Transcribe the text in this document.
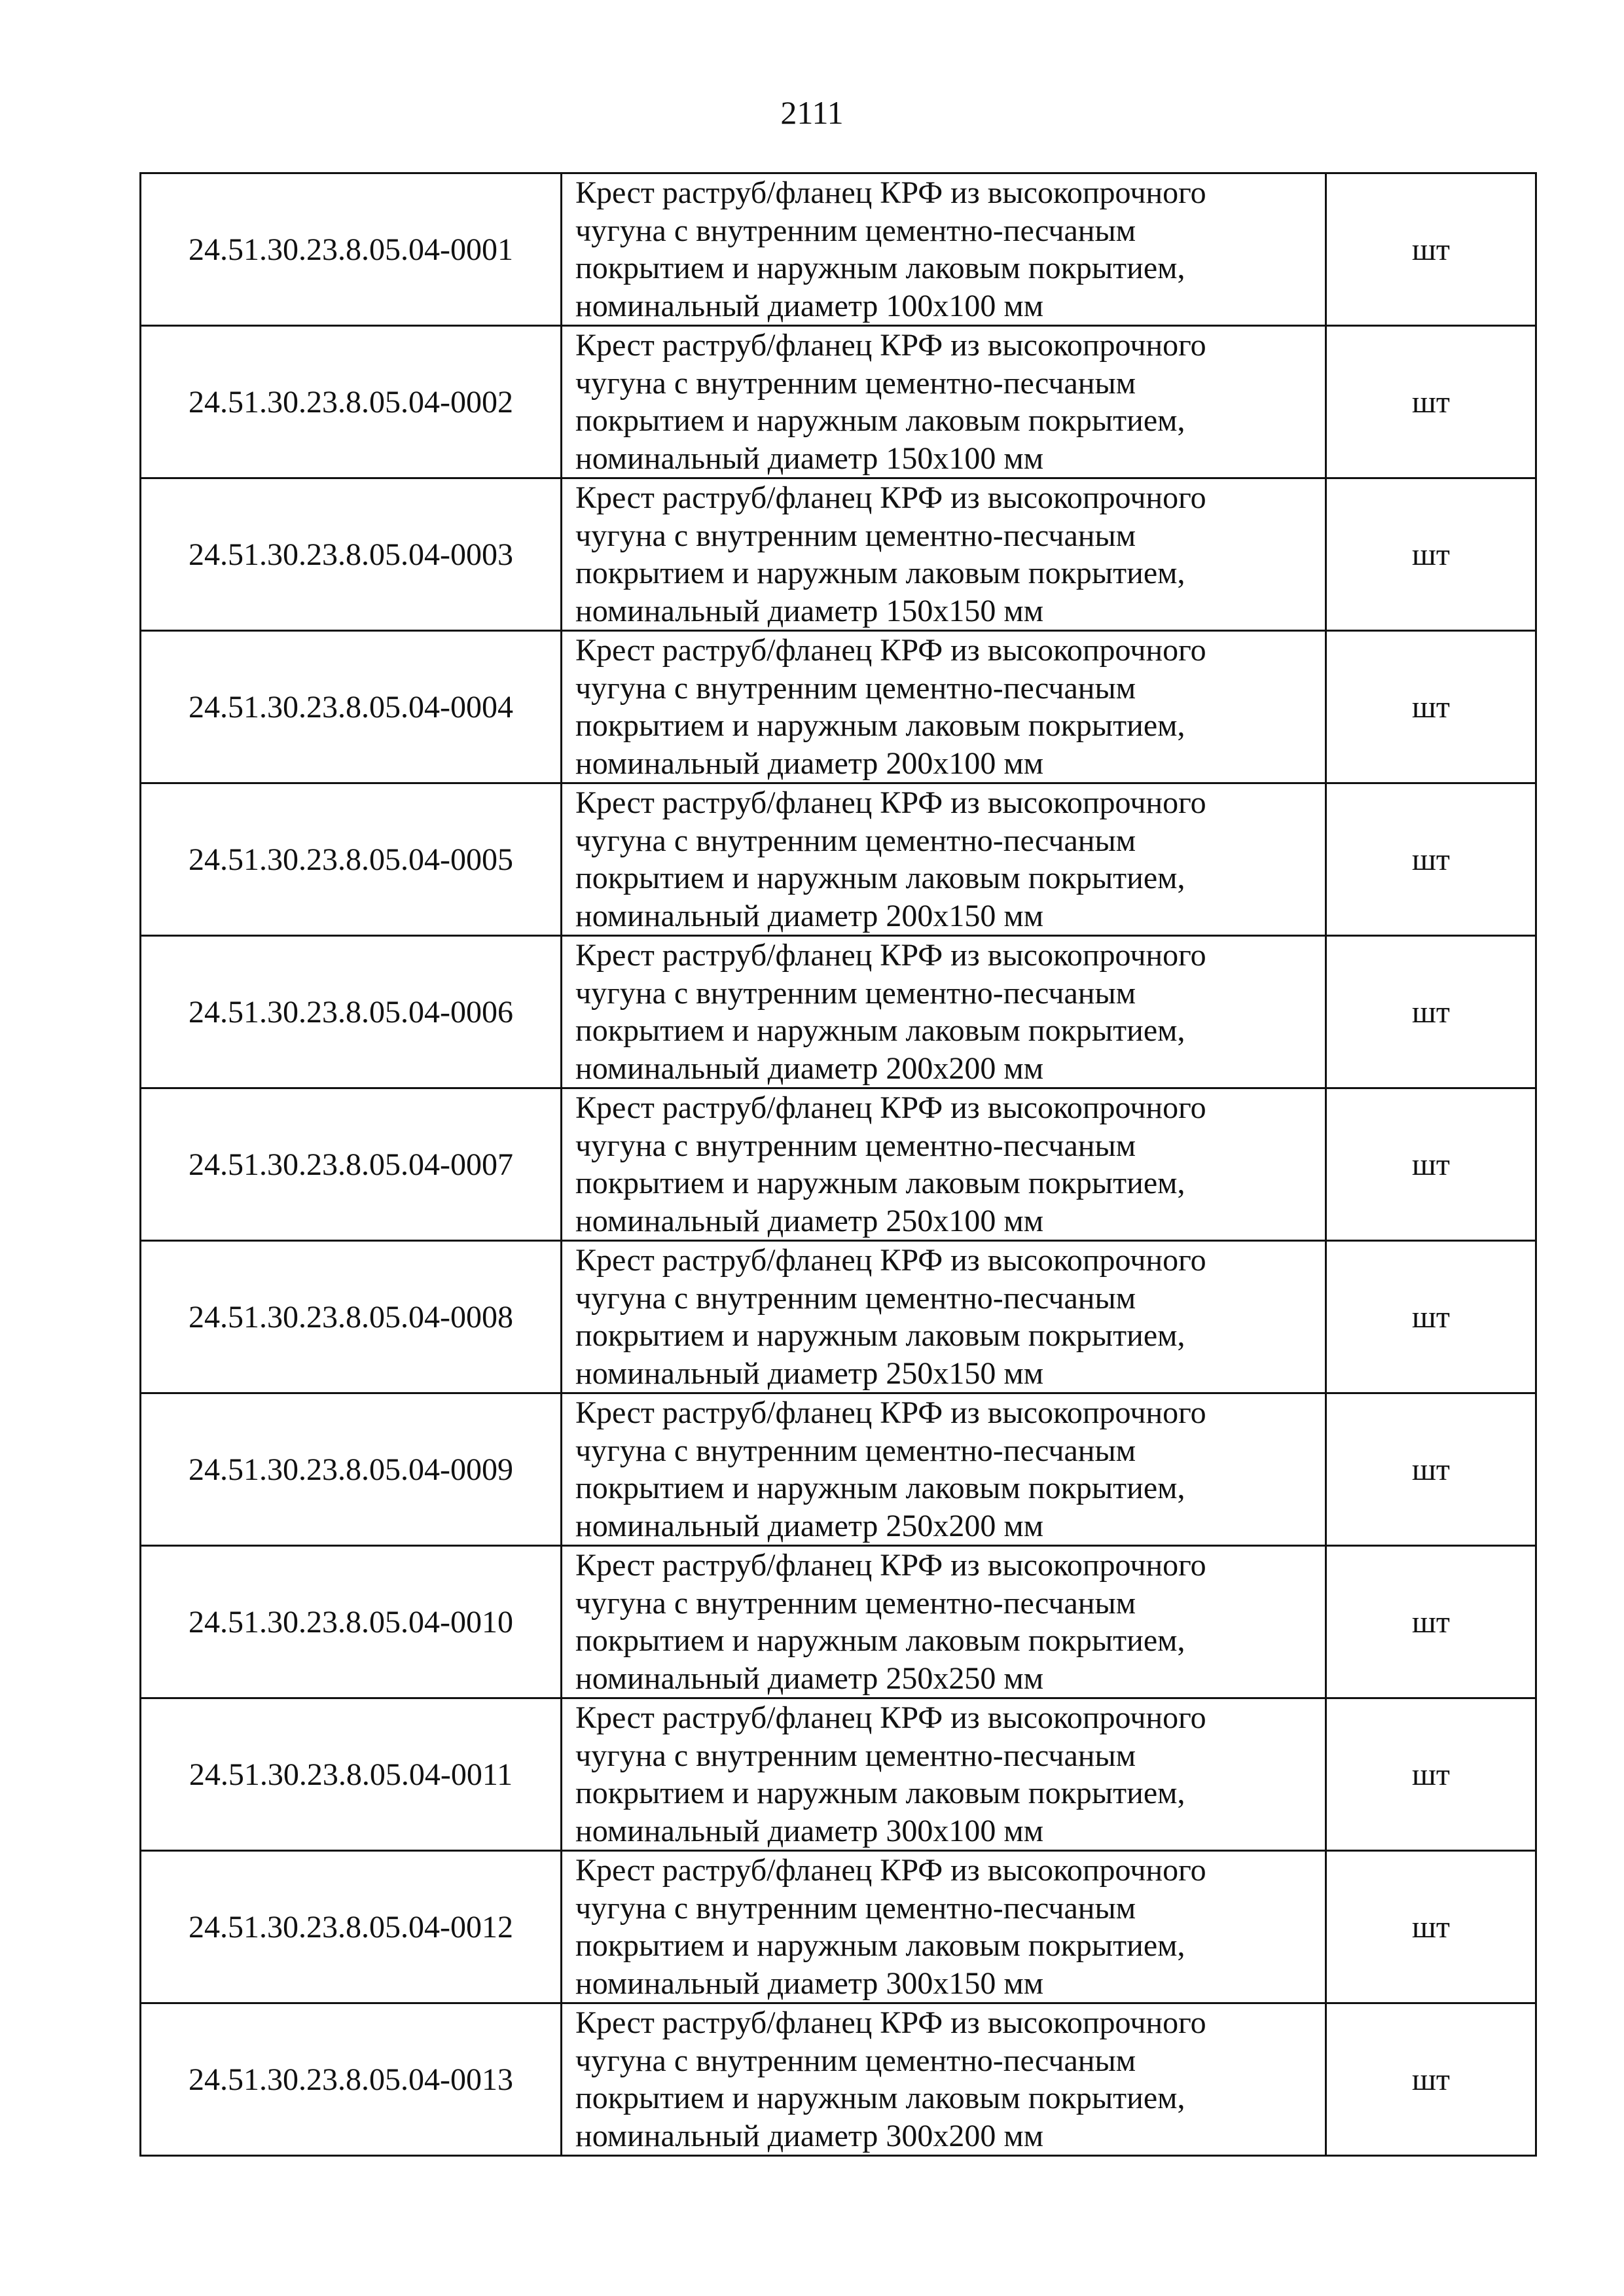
2111
24.51.30.23.8.05.04-0001	Крест раструб/фланец КРФ из высокопрочного
чугуна с внутренним цементно-песчаным
покрытием и наружным лаковым покрытием,
номинальный диаметр 100х100 мм	шт
24.51.30.23.8.05.04-0002	Крест раструб/фланец КРФ из высокопрочного
чугуна с внутренним цементно-песчаным
покрытием и наружным лаковым покрытием,
номинальный диаметр 150х100 мм	шт
24.51.30.23.8.05.04-0003	Крест раструб/фланец КРФ из высокопрочного
чугуна с внутренним цементно-песчаным
покрытием и наружным лаковым покрытием,
номинальный диаметр 150х150 мм	шт
24.51.30.23.8.05.04-0004	Крест раструб/фланец КРФ из высокопрочного
чугуна с внутренним цементно-песчаным
покрытием и наружным лаковым покрытием,
номинальный диаметр 200х100 мм	шт
24.51.30.23.8.05.04-0005	Крест раструб/фланец КРФ из высокопрочного
чугуна с внутренним цементно-песчаным
покрытием и наружным лаковым покрытием,
номинальный диаметр 200х150 мм	шт
24.51.30.23.8.05.04-0006	Крест раструб/фланец КРФ из высокопрочного
чугуна с внутренним цементно-песчаным
покрытием и наружным лаковым покрытием,
номинальный диаметр 200х200 мм	шт
24.51.30.23.8.05.04-0007	Крест раструб/фланец КРФ из высокопрочного
чугуна с внутренним цементно-песчаным
покрытием и наружным лаковым покрытием,
номинальный диаметр 250х100 мм	шт
24.51.30.23.8.05.04-0008	Крест раструб/фланец КРФ из высокопрочного
чугуна с внутренним цементно-песчаным
покрытием и наружным лаковым покрытием,
номинальный диаметр 250х150 мм	шт
24.51.30.23.8.05.04-0009	Крест раструб/фланец КРФ из высокопрочного
чугуна с внутренним цементно-песчаным
покрытием и наружным лаковым покрытием,
номинальный диаметр 250х200 мм	шт
24.51.30.23.8.05.04-0010	Крест раструб/фланец КРФ из высокопрочного
чугуна с внутренним цементно-песчаным
покрытием и наружным лаковым покрытием,
номинальный диаметр 250х250 мм	шт
24.51.30.23.8.05.04-0011	Крест раструб/фланец КРФ из высокопрочного
чугуна с внутренним цементно-песчаным
покрытием и наружным лаковым покрытием,
номинальный диаметр 300х100 мм	шт
24.51.30.23.8.05.04-0012	Крест раструб/фланец КРФ из высокопрочного
чугуна с внутренним цементно-песчаным
покрытием и наружным лаковым покрытием,
номинальный диаметр 300х150 мм	шт
24.51.30.23.8.05.04-0013	Крест раструб/фланец КРФ из высокопрочного
чугуна с внутренним цементно-песчаным
покрытием и наружным лаковым покрытием,
номинальный диаметр 300х200 мм	шт
